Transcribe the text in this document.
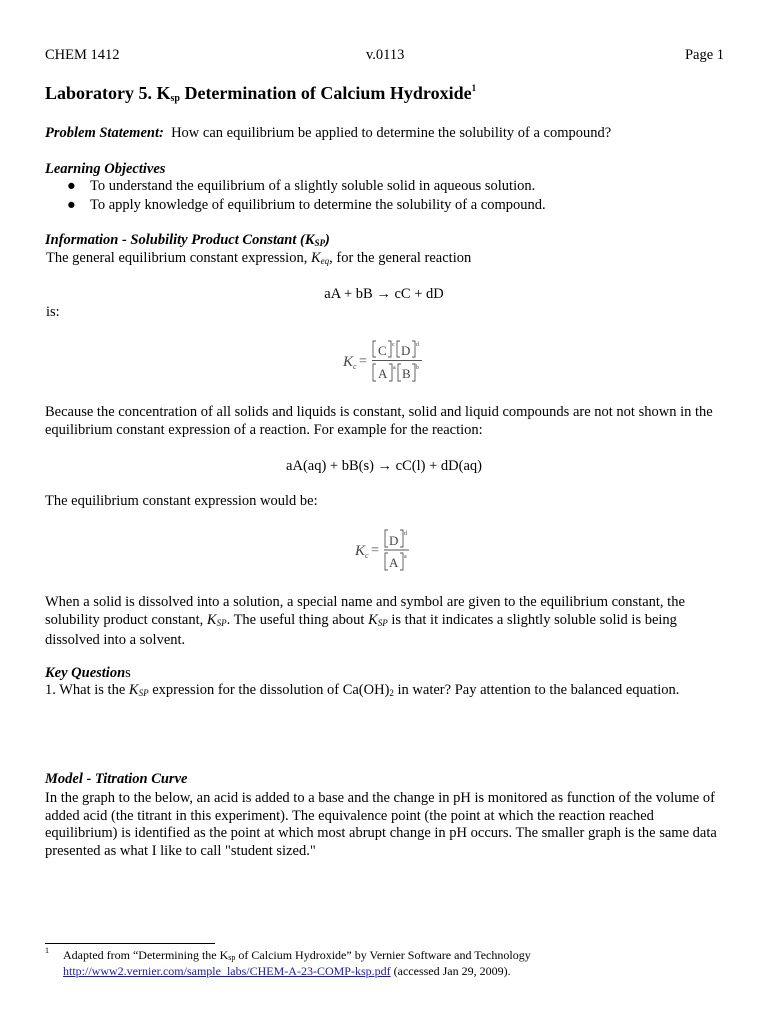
CHEM 1412	v.0113	Page 1
Laboratory 5. $K_{sp}$ Determination of Calcium Hydroxide$^1$
Problem Statement: How can equilibrium be applied to determine the solubility of a compound?
Learning Objectives
● To understand the equilibrium of a slightly soluble solid in aqueous solution.
● To apply knowledge of equilibrium to determine the solubility of a compound.
Information - Solubility Product Constant (KSP)
The general equilibrium constant expression, Keq, for the general reaction
aA + bB → cC + dD
is:
K c =
C c D d
A a B b
Because the concentration of all solids and liquids is constant, solid and liquid compounds are not not shown in the equilibrium constant expression of a reaction. For example for the reaction:
aA(aq) + bB(s) → cC(l) + dD(aq)
The equilibrium constant expression would be:
K c =
D d
A a
When a solid is dissolved into a solution, a special name and symbol are given to the equilibrium constant, the solubility product constant, KSP. The useful thing about KSP is that it indicates a slightly soluble solid is being dissolved into a solvent.
Key Questions
1. What is the KSP expression for the dissolution of Ca(OH)2 in water? Pay attention to the balanced equation.
Model - Titration Curve
In the graph to the below, an acid is added to a base and the change in pH is monitored as function of the volume of added acid (the titrant in this experiment). The equivalence point (the point at which the reaction reached equilibrium) is identified as the point at which most abrupt change in pH occurs. The smaller graph is the same data presented as what I like to call "student sized."
1 Adapted from “Determining the Ksp of Calcium Hydroxide” by Vernier Software and Technology
http://www2.vernier.com/sample_labs/CHEM-A-23-COMP-ksp.pdf (accessed Jan 29, 2009).
